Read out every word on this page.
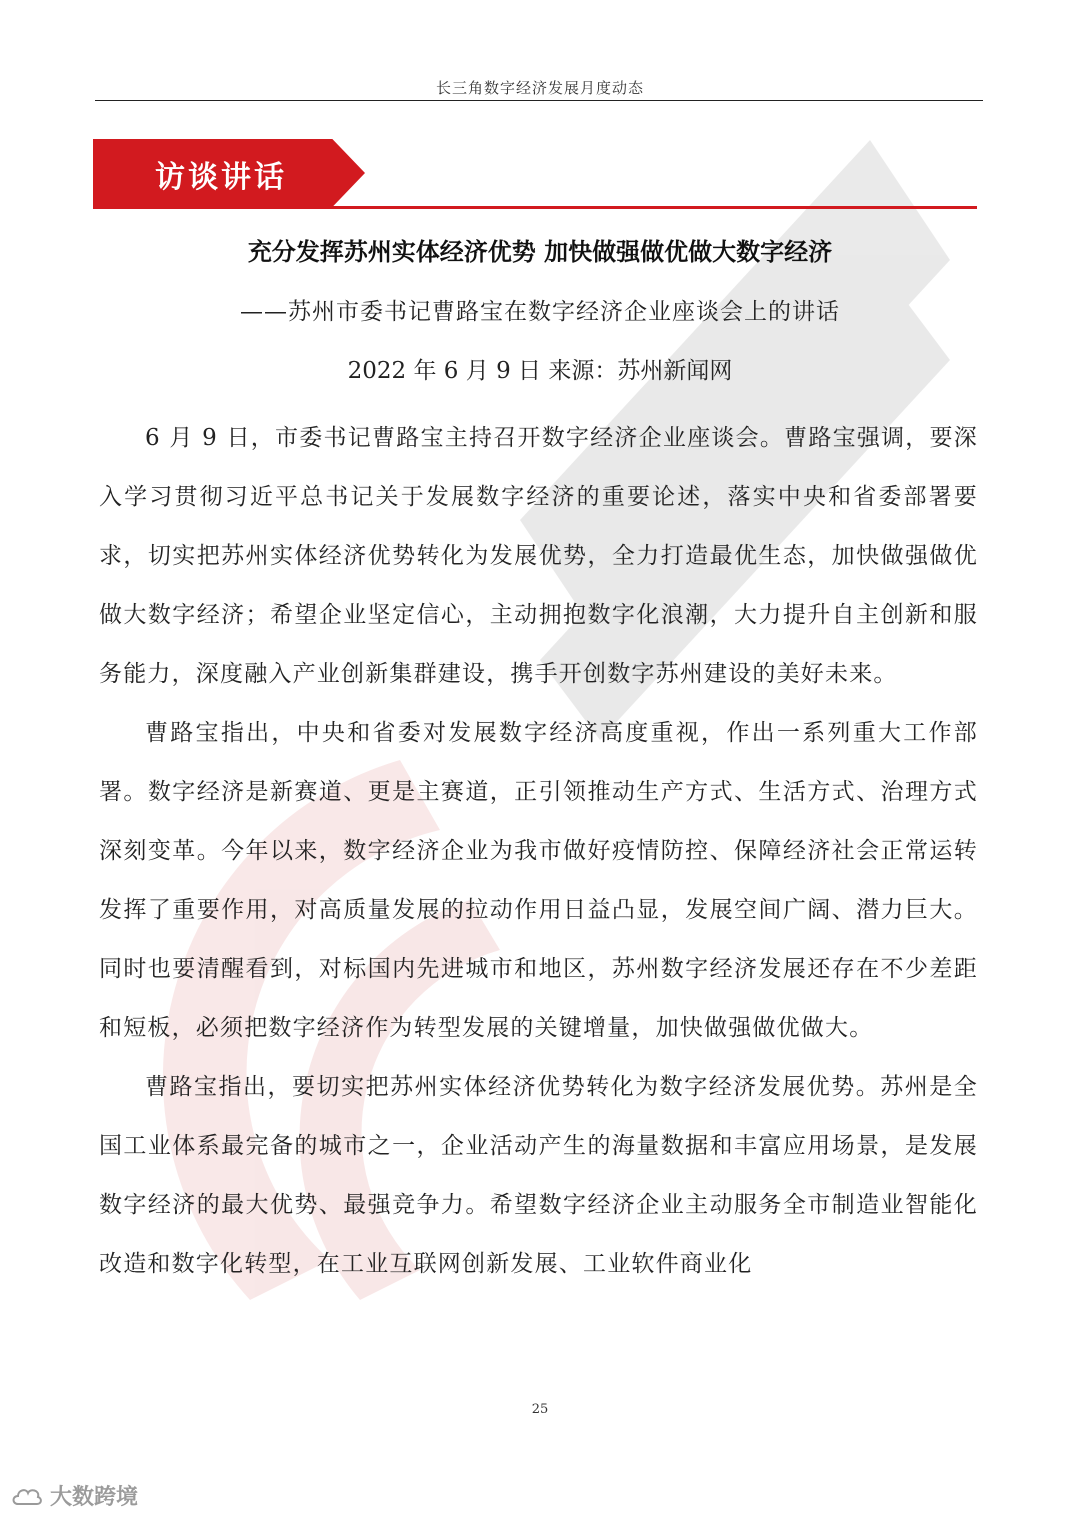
长三角数字经济发展月度动态
访谈讲话
充分发挥苏州实体经济优势 加快做强做优做大数字经济
——苏州市委书记曹路宝在数字经济企业座谈会上的讲话
2022 年 6 月 9 日 来源：苏州新闻网

6 月 9 日，市委书记曹路宝主持召开数字经济企业座谈会。曹路宝强调，要深入学习贯彻习近平总书记关于发展数字经济的重要论述，落实中央和省委部署要求，切实把苏州实体经济优势转化为发展优势，全力打造最优生态，加快做强做优做大数字经济；希望企业坚定信心，主动拥抱数字化浪潮，大力提升自主创新和服务能力，深度融入产业创新集群建设，携手开创数字苏州建设的美好未来。

曹路宝指出，中央和省委对发展数字经济高度重视，作出一系列重大工作部署。数字经济是新赛道、更是主赛道，正引领推动生产方式、生活方式、治理方式深刻变革。今年以来，数字经济企业为我市做好疫情防控、保障经济社会正常运转发挥了重要作用，对高质量发展的拉动作用日益凸显，发展空间广阔、潜力巨大。同时也要清醒看到，对标国内先进城市和地区，苏州数字经济发展还存在不少差距和短板，必须把数字经济作为转型发展的关键增量，加快做强做优做大。

曹路宝指出，要切实把苏州实体经济优势转化为数字经济发展优势。苏州是全国工业体系最完备的城市之一，企业活动产生的海量数据和丰富应用场景，是发展数字经济的最大优势、最强竞争力。希望数字经济企业主动服务全市制造业智能化改造和数字化转型，在工业互联网创新发展、工业软件商业化

25
大数跨境
